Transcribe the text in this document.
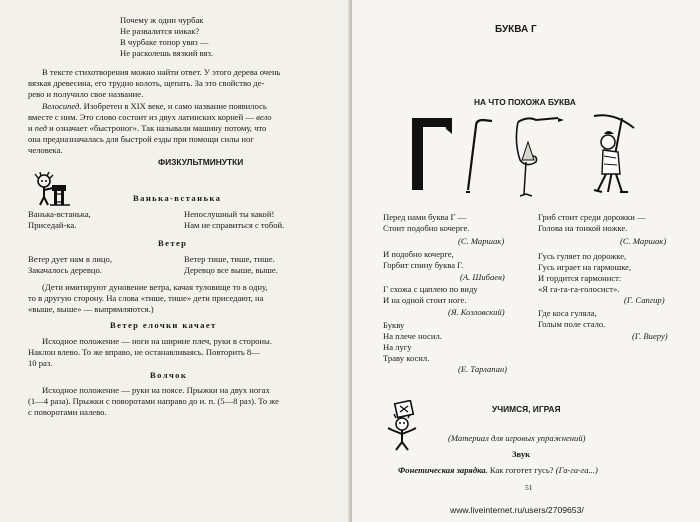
Почему ж один чурбак
Не развалится никак?
В чурбаке топор увяз —
Не расколешь вязкий вяз.
В тексте стихотворения можно найти ответ. У этого дерева очень
вязкая древесина, его трудно колоть, щепать. За это свойство де-
рево и получило свое название.
Велосипед. Изобретен в XIX веке, и само название появилось
вместе с ним. Это слово состоит из двух латинских корней — вело
и пед и означает «быстроног». Так называли машину потому, что
она предназначалась для быстрой езды при помощи силы ног
человека.
ФИЗКУЛЬТМИНУТКИ
Ванька-встанька
Ванька-встанька,
Приседай-ка.
Непослушный ты какой!
Нам не справиться с тобой.
Ветер
Ветер дует нам в лицо,
Закачалось деревцо.
Ветер тише, тише, тише.
Деревцо все выше, выше.
(Дети имитируют дуновение ветра, качая туловище то в одну,
то в другую сторону. На слова «тише, тише» дети приседают, на
«выше, выше» — выпрямляются.)
Ветер елочки качает
Исходное положение — ноги на ширине плеч, руки в стороны.
Наклон влево. То же вправо, не останавливаясь. Повторить 8—
10 раз.
Волчок
Исходное положение — руки на поясе. Прыжки на двух ногах
(1—4 раза). Прыжки с поворотами направо до и. п. (5—8 раз). То же
с поворотами налево.
БУКВА Г
НА ЧТО ПОХОЖА БУКВА
Перед нами буква Г —
Стоит подобно кочерге.
(С. Маршак)
И подобно кочерге,
Горбит спину буква Г.
(А. Шибаев)
Г схожа с цаплею по виду
И на одной стоит ноге.
(Я. Козловский)
Букву
На плече носил.
На лугу
Траву косил.
(Е. Тарлапан)
Гриб стоит среди дорожки —
Голова на тонкой ножке.
(С. Маршак)
Гусь гуляет по дорожке,
Гусь играет на гармошке,
И гордится гармонист:
«Я га-га-га-голосист».
(Г. Сапгир)
Где коса гуляла,
Голым поле стало.
(Г. Виеру)
УЧИМСЯ, ИГРАЯ
(Материал для игровых упражнений)
Звук
Фонетическая зарядка. Как гоготет гусь? (Га-га-га...)
51
www.liveinternet.ru/users/2709653/
